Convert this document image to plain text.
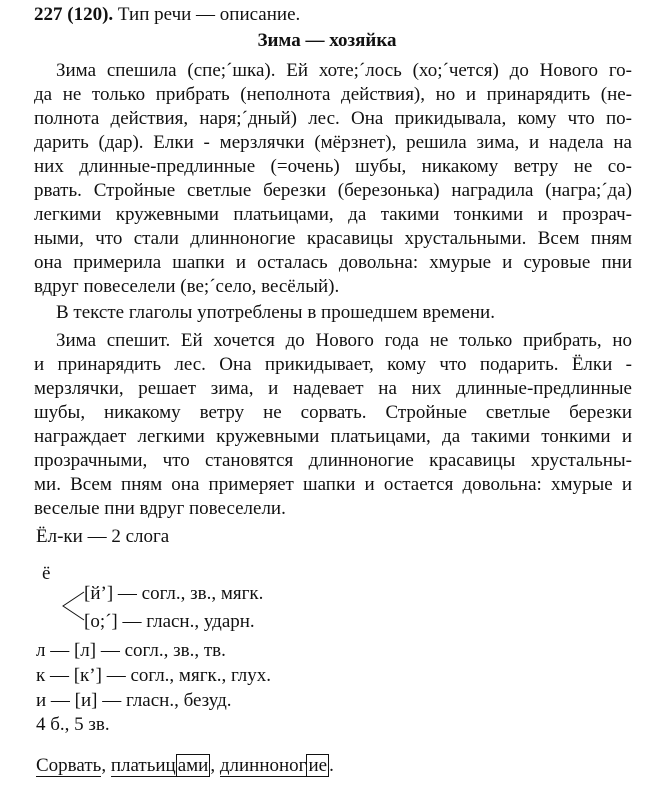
227 (120). Тип речи — описание.
Зима — хозяйка
Зима спешила (спе;´шка). Ей хоте;´лось (хо;´чется) до Нового го-
да не только прибрать (неполнота действия), но и принарядить (не-
полнота действия, наря;´дный) лес. Она прикидывала, кому что по-
дарить (дар). Елки - мерзлячки (мёрзнет), решила зима, и надела на
них длинные-предлинные (=очень) шубы, никакому ветру не со-
рвать. Стройные светлые березки (березонька) наградила (награ;´да)
легкими кружевными платьицами, да такими тонкими и прозрач-
ными, что стали длинноногие красавицы хрустальными. Всем пням
она примерила шапки и осталась довольна: хмурые и суровые пни
вдруг повеселели (ве;´село, весёлый).
В тексте глаголы употреблены в прошедшем времени.
Зима спешит. Ей хочется до Нового года не только прибрать, но
и принарядить лес. Она прикидывает, кому что подарить. Ёлки -
мерзлячки, решает зима, и надевает на них длинные-предлинные
шубы, никакому ветру не сорвать. Стройные светлые березки
награждает легкими кружевными платьицами, да такими тонкими и
прозрачными, что становятся длинноногие красавицы хрустальны-
ми. Всем пням она примеряет шапки и остается довольна: хмурые и
веселые пни вдруг повеселели.
Ёл-ки — 2 слога
ё
[й’] — согл., зв., мягк.
[о;´] — гласн., ударн.
л — [л] — согл., зв., тв.
к — [к’] — согл., мягк., глух.
и — [и] — гласн., безуд.
4 б., 5 зв.
Сорвать, платьиц ами , длинноног ие .
